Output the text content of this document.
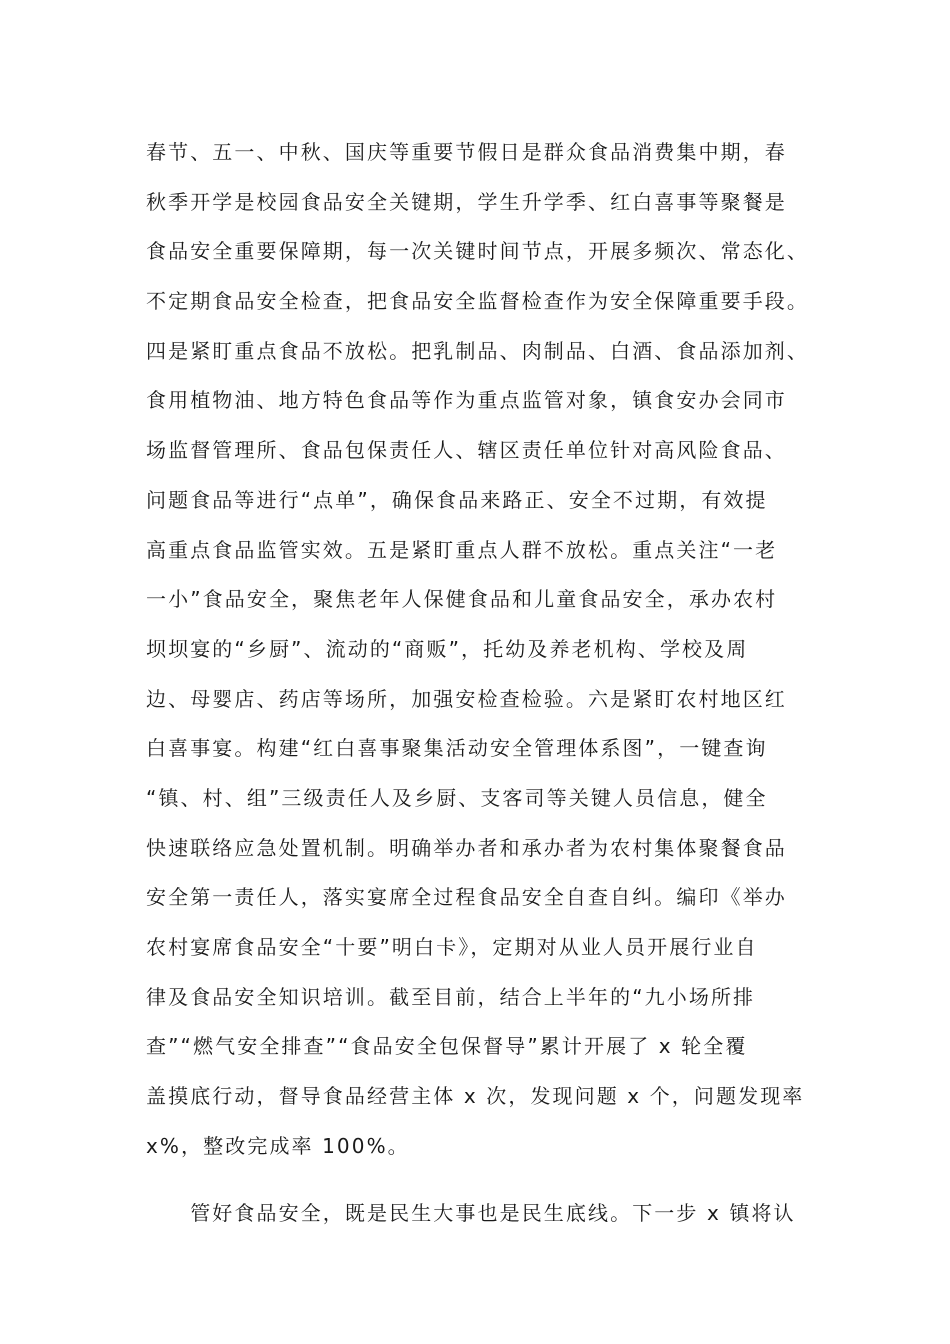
春节、五一、中秋、国庆等重要节假日是群众食品消费集中期，春
秋季开学是校园食品安全关键期，学生升学季、红白喜事等聚餐是
食品安全重要保障期，每一次关键时间节点，开展多频次、常态化、
不定期食品安全检查，把食品安全监督检查作为安全保障重要手段。
四是紧盯重点食品不放松。把乳制品、肉制品、白酒、食品添加剂、
食用植物油、地方特色食品等作为重点监管对象，镇食安办会同市
场监督管理所、食品包保责任人、辖区责任单位针对高风险食品、
问题食品等进行“点单”，确保食品来路正、安全不过期，有效提
高重点食品监管实效。五是紧盯重点人群不放松。重点关注“一老
一小”食品安全，聚焦老年人保健食品和儿童食品安全，承办农村
坝坝宴的“乡厨”、流动的“商贩”，托幼及养老机构、学校及周
边、母婴店、药店等场所，加强安检查检验。六是紧盯农村地区红
白喜事宴。构建“红白喜事聚集活动安全管理体系图”，一键查询
“镇、村、组”三级责任人及乡厨、支客司等关键人员信息，健全
快速联络应急处置机制。明确举办者和承办者为农村集体聚餐食品
安全第一责任人，落实宴席全过程食品安全自查自纠。编印《举办
农村宴席食品安全“十要”明白卡》，定期对从业人员开展行业自
律及食品安全知识培训。截至目前，结合上半年的“九小场所排
查”“燃气安全排查”“食品安全包保督导”累计开展了 x 轮全覆
盖摸底行动，督导食品经营主体 x 次，发现问题 x 个，问题发现率
x%，整改完成率 100%。
　　管好食品安全，既是民生大事也是民生底线。下一步 x 镇将认
